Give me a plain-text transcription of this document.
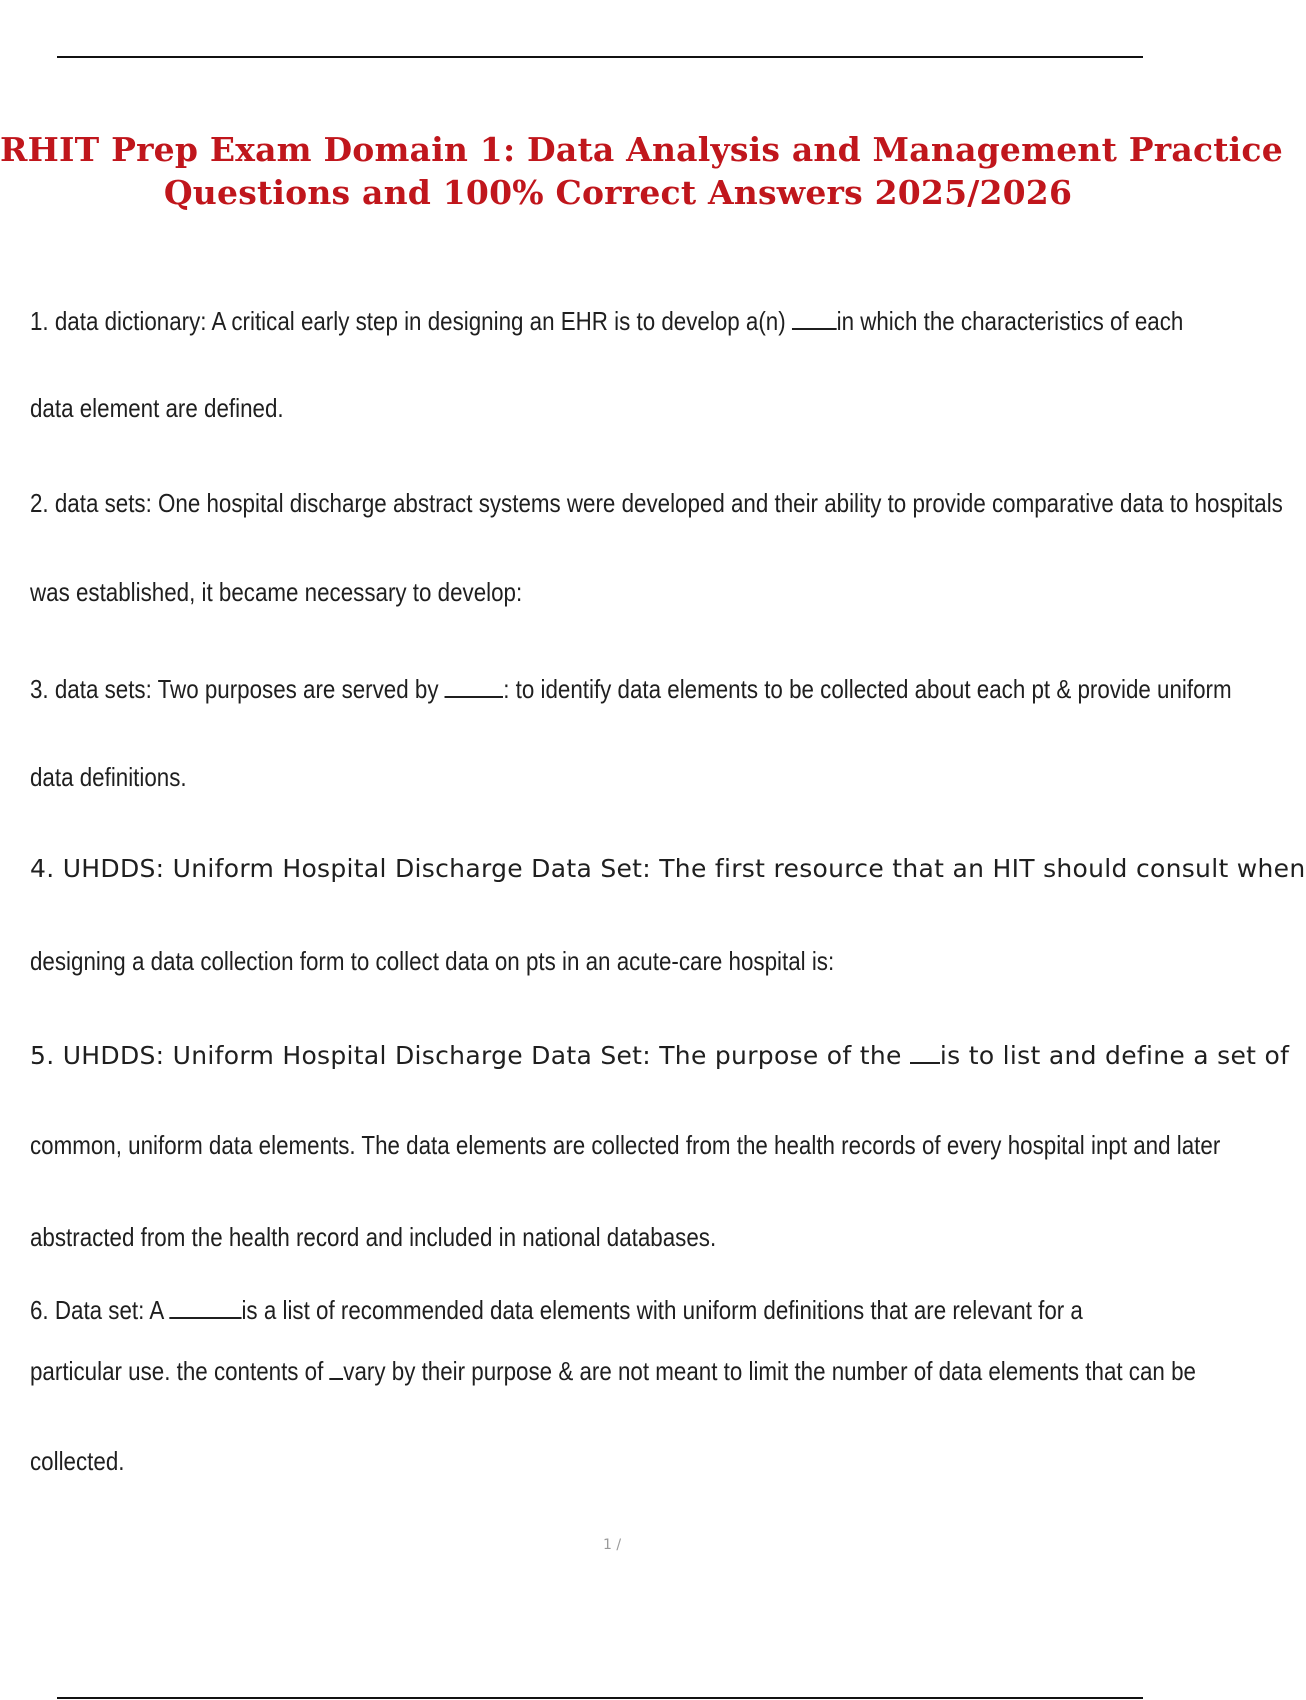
RHIT Prep Exam Domain 1: Data Analysis and Management Practice
Questions and 100% Correct Answers 2025/2026
1. data dictionary: A critical early step in designing an EHR is to develop a(n) in which the characteristics of each
data element are defined.
2. data sets: One hospital discharge abstract systems were developed and their ability to provide comparative data to hospitals
was established, it became necessary to develop:
3. data sets: Two purposes are served by : to identify data elements to be collected about each pt & provide uniform
data definitions.
4. UHDDS: Uniform Hospital Discharge Data Set: The first resource that an HIT should consult when
designing a data collection form to collect data on pts in an acute-care hospital is:
5. UHDDS: Uniform Hospital Discharge Data Set: The purpose of the is to list and define a set of
common, uniform data elements. The data elements are collected from the health records of every hospital inpt and later
abstracted from the health record and included in national databases.
6. Data set: A	is a list of recommended data elements with uniform definitions that are relevant for a
particular use. the contents of vary by their purpose & are not meant to limit the number of data elements that can be
collected.
1 /
